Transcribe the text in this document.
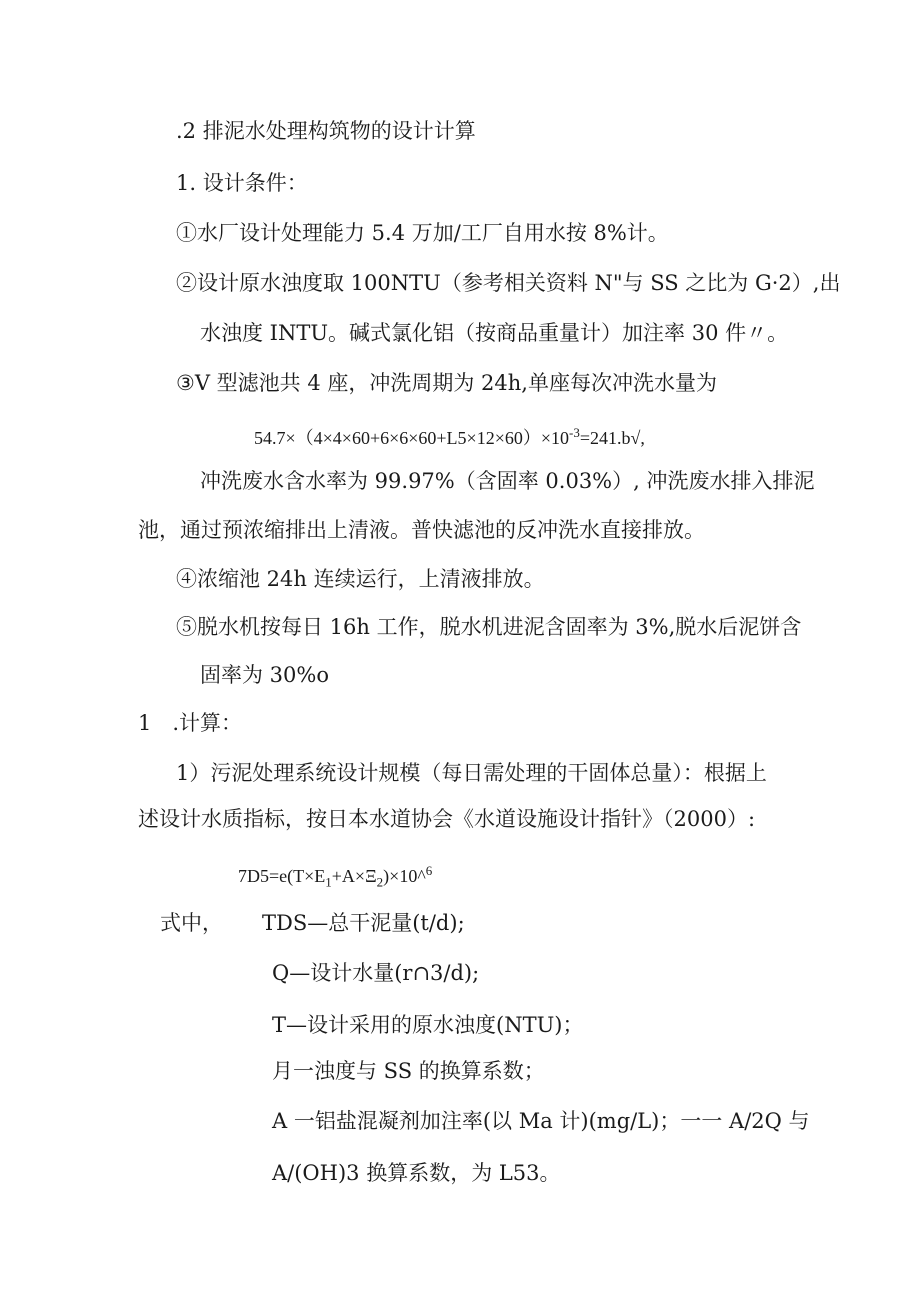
.2 排泥水处理构筑物的设计计算
1. 设计条件：
①水厂设计处理能力 5.4 万加/工厂自用水按 8%计。
②设计原水浊度取 100NTU（参考相关资料 N"与 SS 之比为 G·2）,出
水浊度 INTU。碱式氯化铝（按商品重量计）加注率 30 件〃。
③V 型滤池共 4 座，冲洗周期为 24h,单座每次冲洗水量为
$54.7\times(4\times 4\times 60+6\times 6\times 60+L5\times 12\times 60)\times 10^{-3}=241.b√$,
冲洗废水含水率为 99.97%（含固率 0.03%）, 冲洗废水排入排泥
池，通过预浓缩排出上清液。普快滤池的反冲洗水直接排放。
④浓缩池 24h 连续运行，上清液排放。
⑤脱水机按每日 16h 工作，脱水机进泥含固率为 3%,脱水后泥饼含
固率为 30%o
1 .计算：
1）污泥处理系统设计规模（每日需处理的干固体总量）：根据上
述设计水质指标，按日本水道协会《水道设施设计指针》（2000）:
$7D5=e(T\times E_1+A\times\Xi_2)\times 10\^{}^6$
式中， TDS—总干泥量(t/d);
Q—设计水量(r∩3/d);
T—设计采用的原水浊度(NTU)；
月一浊度与 SS 的换算系数；
A 一铝盐混凝剂加注率(以 Ma 计)(mg/L)；一一 A/2Q 与
A/(OH)3 换算系数，为 L53。
